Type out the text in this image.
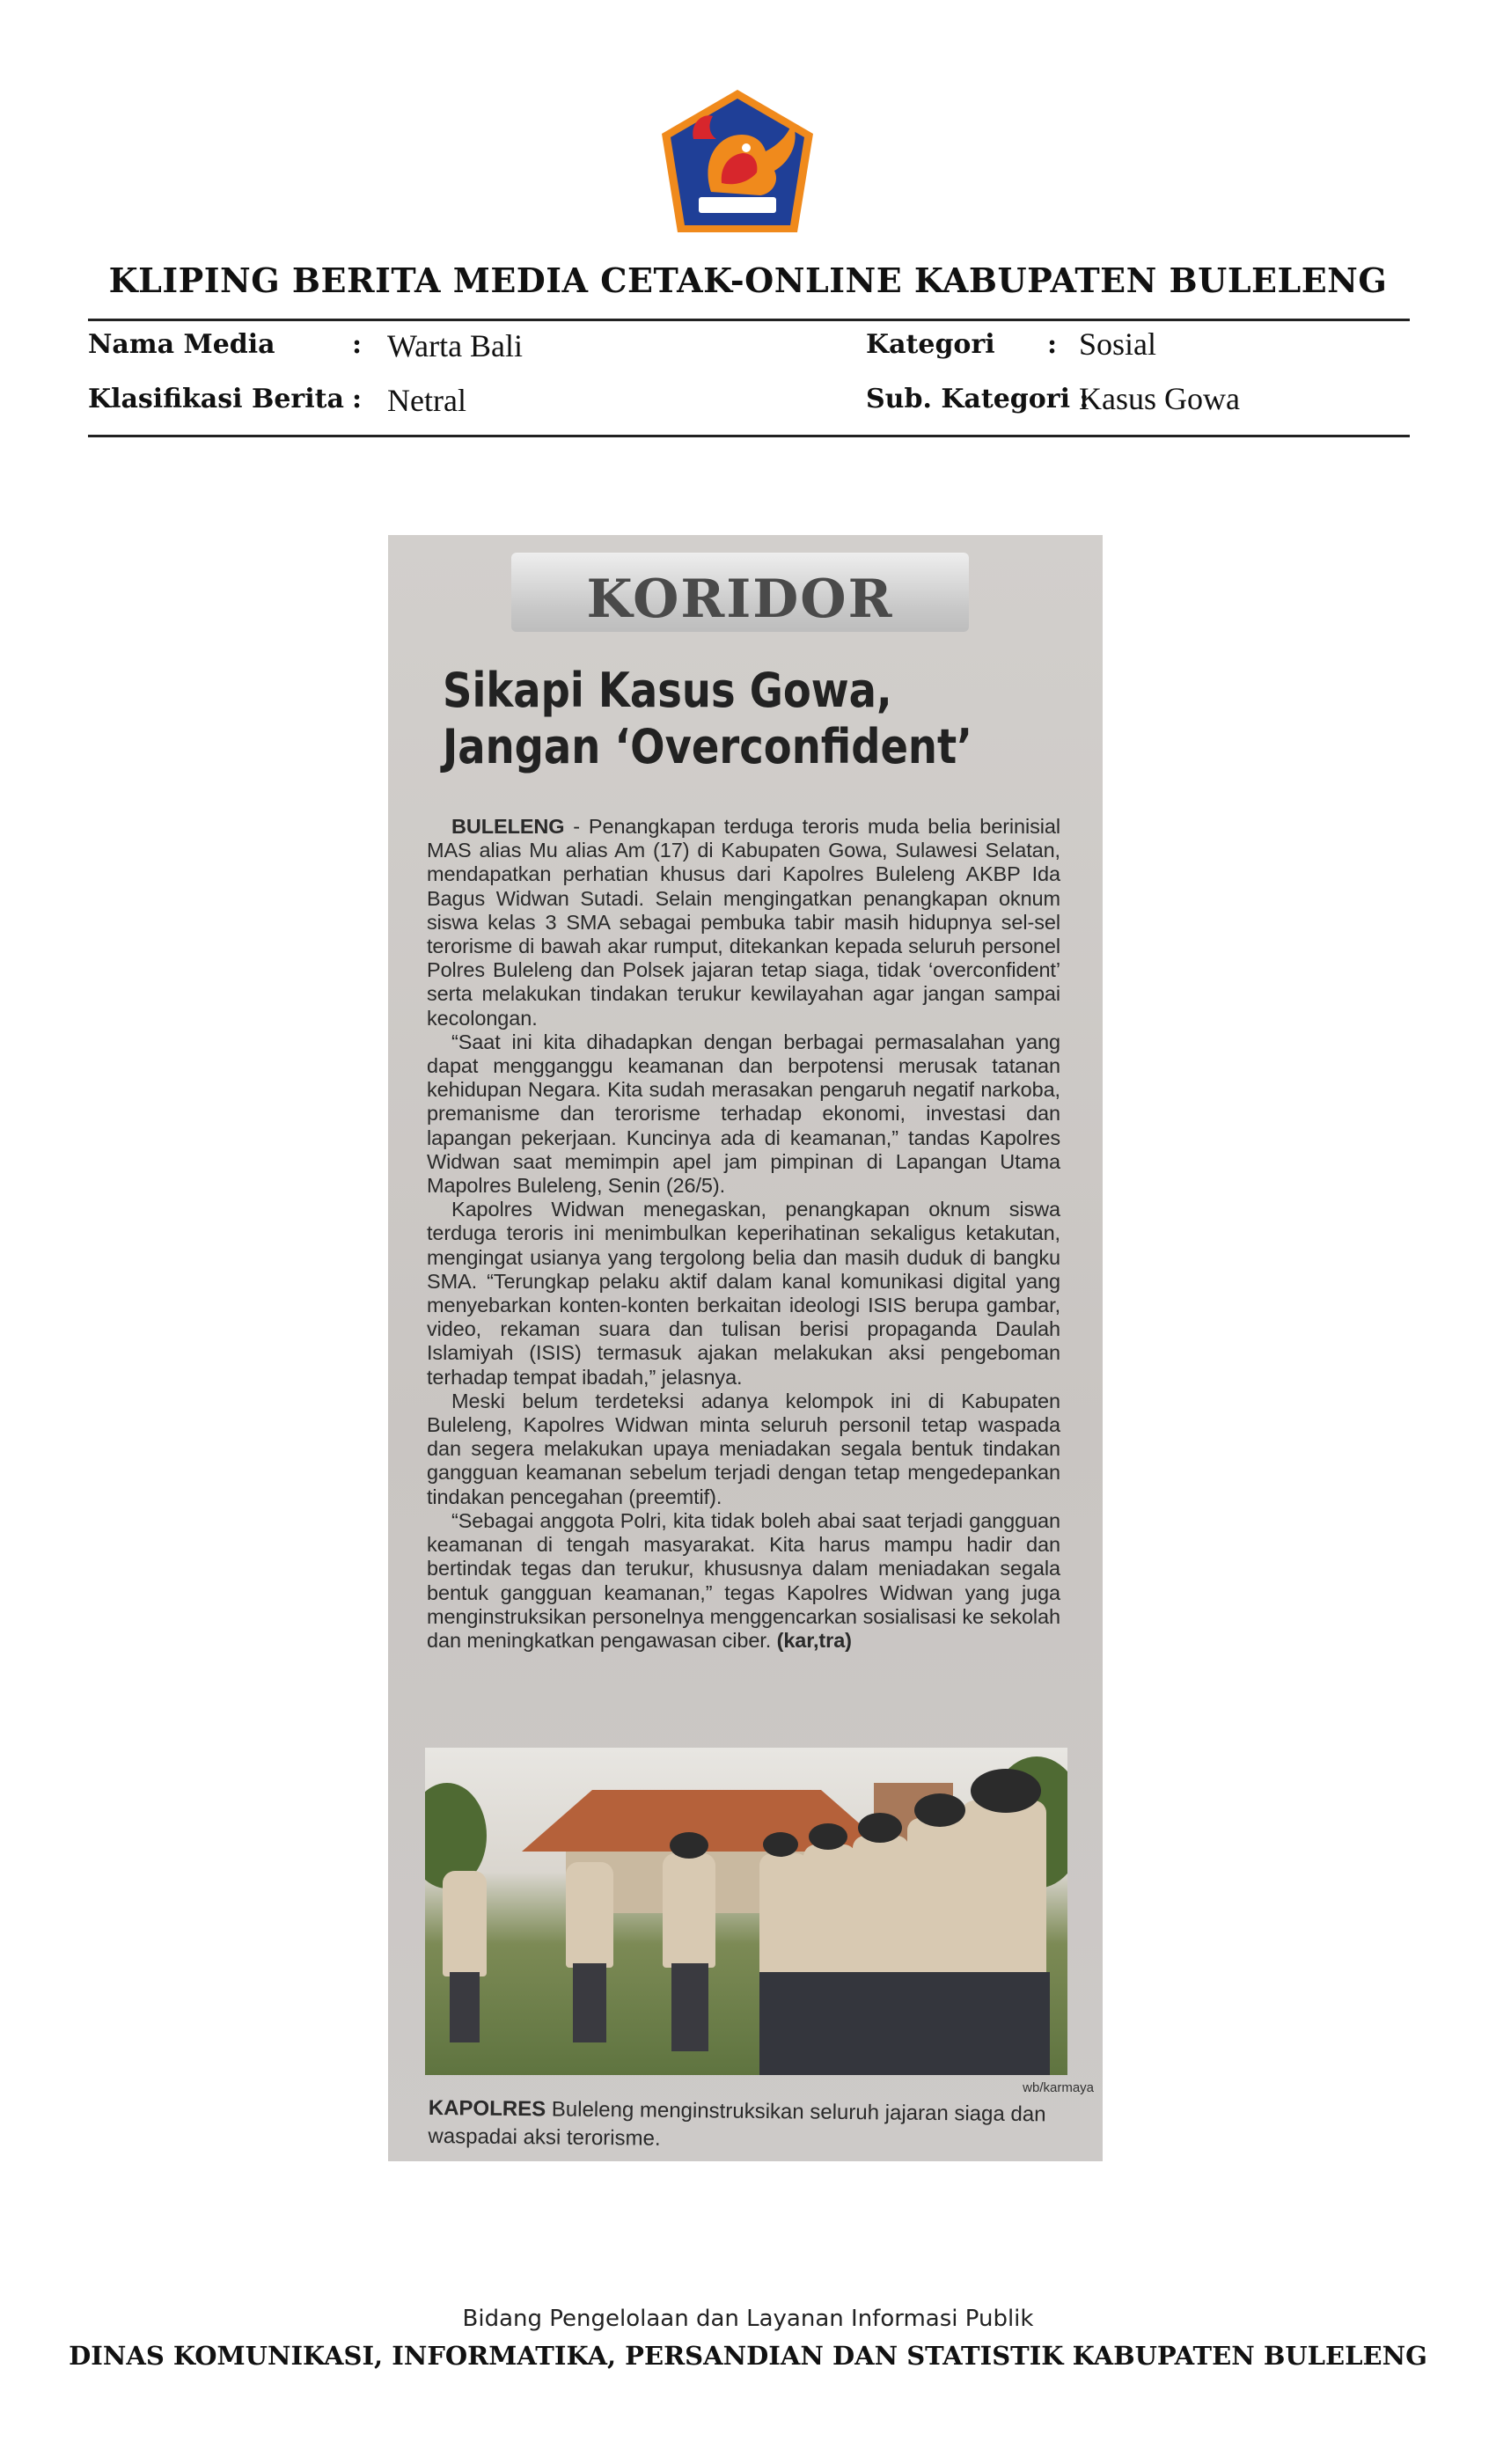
KLIPING BERITA MEDIA CETAK-ONLINE KABUPATEN BULELENG
Nama Media	: Warta Bali
Klasifikasi Berita : Netral
Kategori : Sosial
Sub. Kategori :
Kasus Gowa
KORIDOR
Sikapi Kasus Gowa,
Jangan ‘Overconfident’

BULELENG - Penangkapan terduga teroris muda belia berinisial MAS alias Mu alias Am (17) di Kabupaten Gowa, Sulawesi Selatan, mendapatkan perhatian khusus dari Kapolres Buleleng AKBP Ida Bagus Widwan Sutadi. Selain mengingatkan penangkapan oknum siswa kelas 3 SMA sebagai pembuka tabir masih hidupnya sel-sel terorisme di bawah akar rumput, ditekankan kepada seluruh personel Polres Buleleng dan Polsek jajaran tetap siaga, tidak ‘overconfident’ serta melakukan tindakan terukur kewilayahan agar jangan sampai kecolongan.

“Saat ini kita dihadapkan dengan berbagai permasalahan yang dapat mengganggu keamanan dan berpotensi merusak tatanan kehidupan Negara. Kita sudah merasakan pengaruh negatif narkoba, premanisme dan terorisme terhadap ekonomi, investasi dan lapangan pekerjaan. Kuncinya ada di keamanan,” tandas Kapolres Widwan saat memimpin apel jam pimpinan di Lapangan Utama Mapolres Buleleng, Senin (26/5).

Kapolres Widwan menegaskan, penangkapan oknum siswa terduga teroris ini menimbulkan keperihatinan sekaligus ketakutan, mengingat usianya yang tergolong belia dan masih duduk di bangku SMA. “Terungkap pelaku aktif dalam kanal komunikasi digital yang menyebarkan konten-konten berkaitan ideologi ISIS berupa gambar, video, rekaman suara dan tulisan berisi propaganda Daulah Islamiyah (ISIS) termasuk ajakan melakukan aksi pengeboman terhadap tempat ibadah,” jelasnya.

Meski belum terdeteksi adanya kelompok ini di Kabupaten Buleleng, Kapolres Widwan minta seluruh personil tetap waspada dan segera melakukan upaya meniadakan segala bentuk tindakan gangguan keamanan sebelum terjadi dengan tetap mengedepankan tindakan pencegahan (preemtif).

“Sebagai anggota Polri, kita tidak boleh abai saat terjadi gangguan keamanan di tengah masyarakat. Kita harus mampu hadir dan bertindak tegas dan terukur, khususnya dalam meniadakan segala bentuk gangguan keamanan,” tegas Kapolres Widwan yang juga menginstruksikan personelnya menggencarkan sosialisasi ke sekolah dan meningkatkan pengawasan ciber. (kar,tra)

wb/karmaya
KAPOLRES Buleleng menginstruksikan seluruh jajaran siaga dan waspadai aksi terorisme.
Bidang Pengelolaan dan Layanan Informasi Publik
DINAS KOMUNIKASI, INFORMATIKA, PERSANDIAN DAN STATISTIK KABUPATEN BULELENG
